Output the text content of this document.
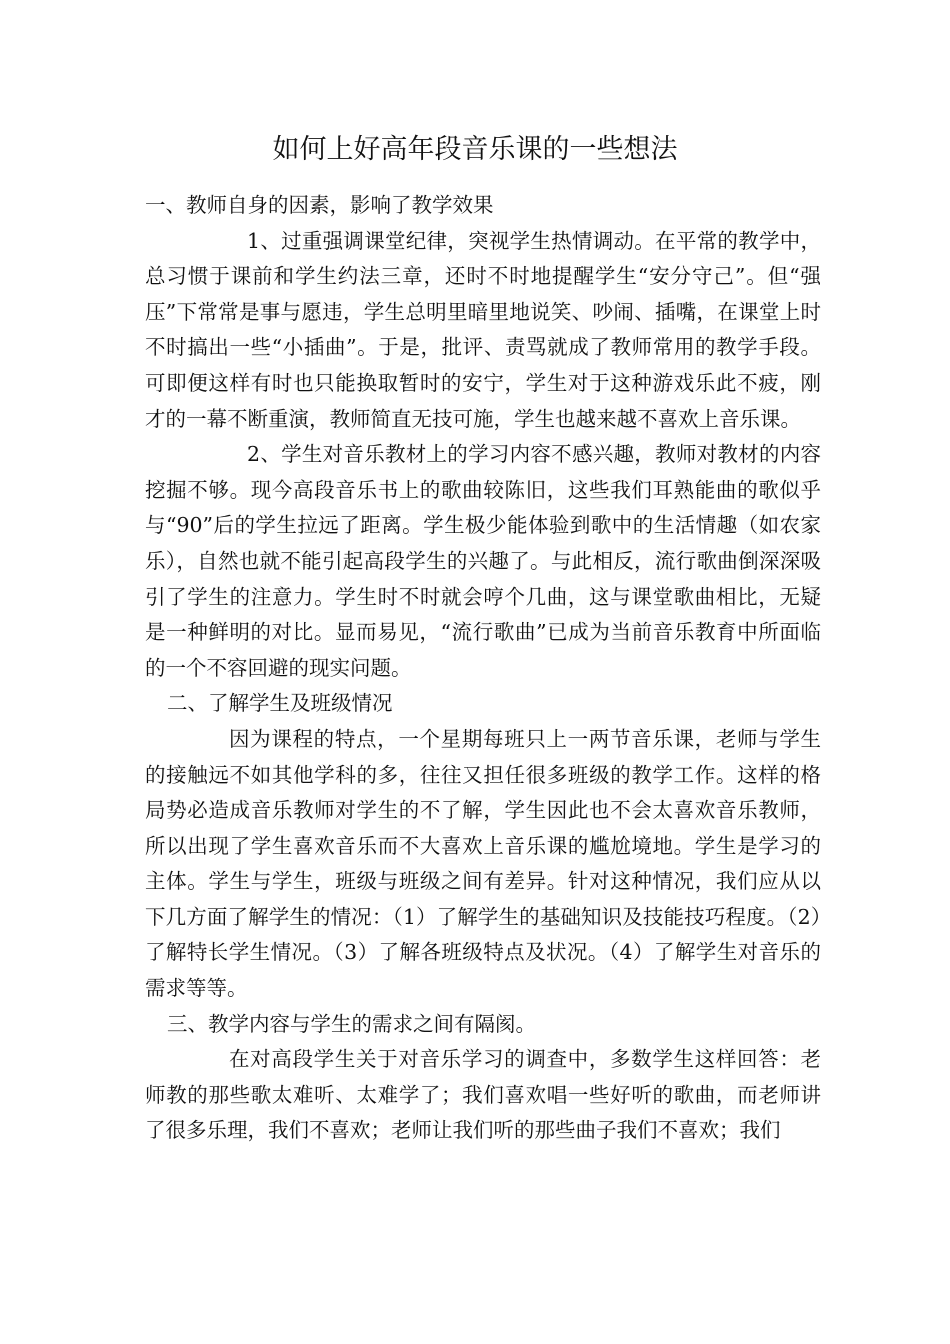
如何上好高年段音乐课的一些想法

一、教师自身的因素，影响了教学效果

1、过重强调课堂纪律，突视学生热情调动。在平常的教学中，总习惯于课前和学生约法三章，还时不时地提醒学生“安分守己”。但“强压”下常常是事与愿违，学生总明里暗里地说笑、吵闹、插嘴，在课堂上时不时搞出一些“小插曲”。于是，批评、责骂就成了教师常用的教学手段。可即便这样有时也只能换取暂时的安宁，学生对于这种游戏乐此不疲，刚才的一幕不断重演，教师简直无技可施，学生也越来越不喜欢上音乐课。

2、学生对音乐教材上的学习内容不感兴趣，教师对教材的内容挖掘不够。现今高段音乐书上的歌曲较陈旧，这些我们耳熟能曲的歌似乎与“90”后的学生拉远了距离。学生极少能体验到歌中的生活情趣（如农家乐），自然也就不能引起高段学生的兴趣了。与此相反，流行歌曲倒深深吸引了学生的注意力。学生时不时就会哼个几曲，这与课堂歌曲相比，无疑是一种鲜明的对比。显而易见，“流行歌曲”已成为当前音乐教育中所面临的一个不容回避的现实问题。

二、了解学生及班级情况

因为课程的特点，一个星期每班只上一两节音乐课，老师与学生的接触远不如其他学科的多，往往又担任很多班级的教学工作。这样的格局势必造成音乐教师对学生的不了解，学生因此也不会太喜欢音乐教师，所以出现了学生喜欢音乐而不大喜欢上音乐课的尴尬境地。学生是学习的主体。学生与学生，班级与班级之间有差异。针对这种情况，我们应从以下几方面了解学生的情况：（1）了解学生的基础知识及技能技巧程度。（2）了解特长学生情况。（3）了解各班级特点及状况。（4）了解学生对音乐的需求等等。

三、教学内容与学生的需求之间有隔阂。

在对高段学生关于对音乐学习的调查中，多数学生这样回答：老师教的那些歌太难听、太难学了；我们喜欢唱一些好听的歌曲，而老师讲了很多乐理，我们不喜欢；老师让我们听的那些曲子我们不喜欢；我们
